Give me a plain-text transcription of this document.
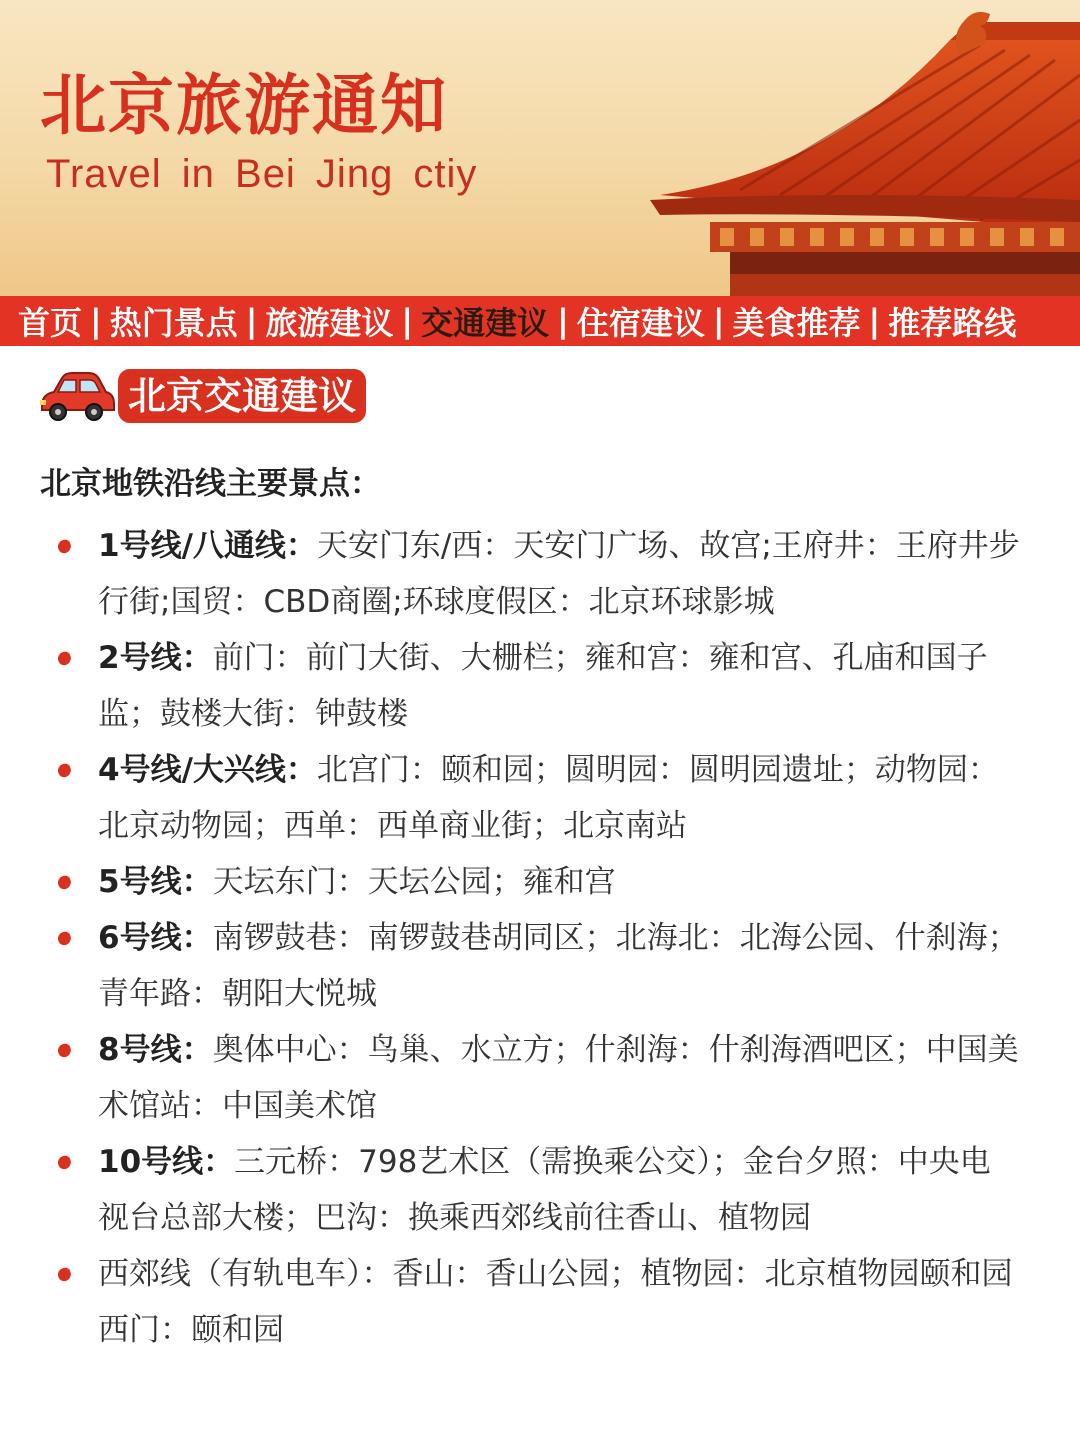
北京旅游通知
Travel in Bei Jing ctiy
首页 | 热门景点 | 旅游建议 | 交通建议 | 住宿建议 | 美食推荐 | 推荐路线
北京交通建议
北京地铁沿线主要景点：
1号线/八通线：天安门东/西：天安门广场、故宫;王府井：王府井步行街;国贸：CBD商圈;环球度假区：北京环球影城
2号线：前门：前门大街、大栅栏；雍和宫：雍和宫、孔庙和国子监；鼓楼大街：钟鼓楼
4号线/大兴线：北宫门：颐和园；圆明园：圆明园遗址；动物园：北京动物园；西单：西单商业街；北京南站
5号线：天坛东门：天坛公园；雍和宫
6号线：南锣鼓巷：南锣鼓巷胡同区；北海北：北海公园、什刹海；青年路：朝阳大悦城
8号线：奥体中心：鸟巢、水立方；什刹海：什刹海酒吧区；中国美术馆站：中国美术馆
10号线：三元桥：798艺术区（需换乘公交）；金台夕照：中央电视台总部大楼；巴沟：换乘西郊线前往香山、植物园
西郊线（有轨电车）：香山：香山公园；植物园：北京植物园颐和园西门：颐和园
